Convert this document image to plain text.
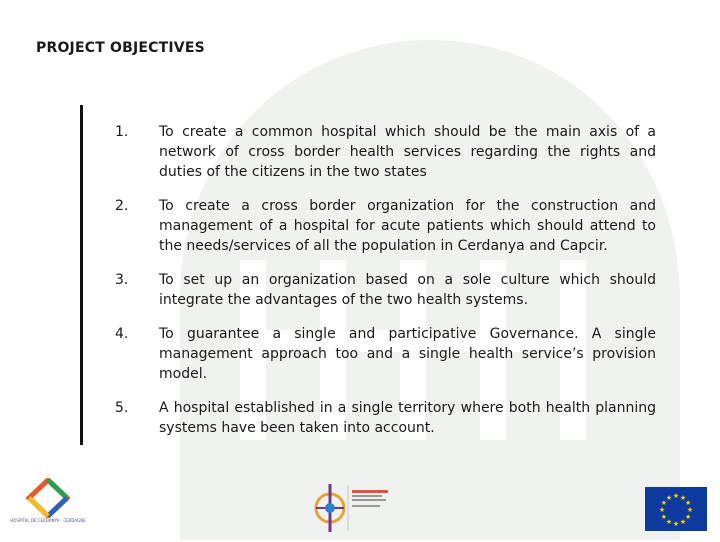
PROJECT OBJECTIVES
1.	To create a common hospital which should be the main axis of a network of cross border health services regarding the rights and duties of the citizens in the two states
2.	To create a cross border organization for the construction and management of a hospital for acute patients which should attend to the needs/services of all the population in Cerdanya and Capcir.
3.	To set up an organization based on a sole culture which should integrate the advantages of the two health systems.
4.	To guarantee a single and participative Governance. A single management approach too and a single health service’s provision model.
5.	A hospital established in a single territory where both health planning systems have been taken into account.
HOSPITAL DE CERDANYA · CERDAGNE
★ ★
★
★
★
★
★
★
★
★
★
★
